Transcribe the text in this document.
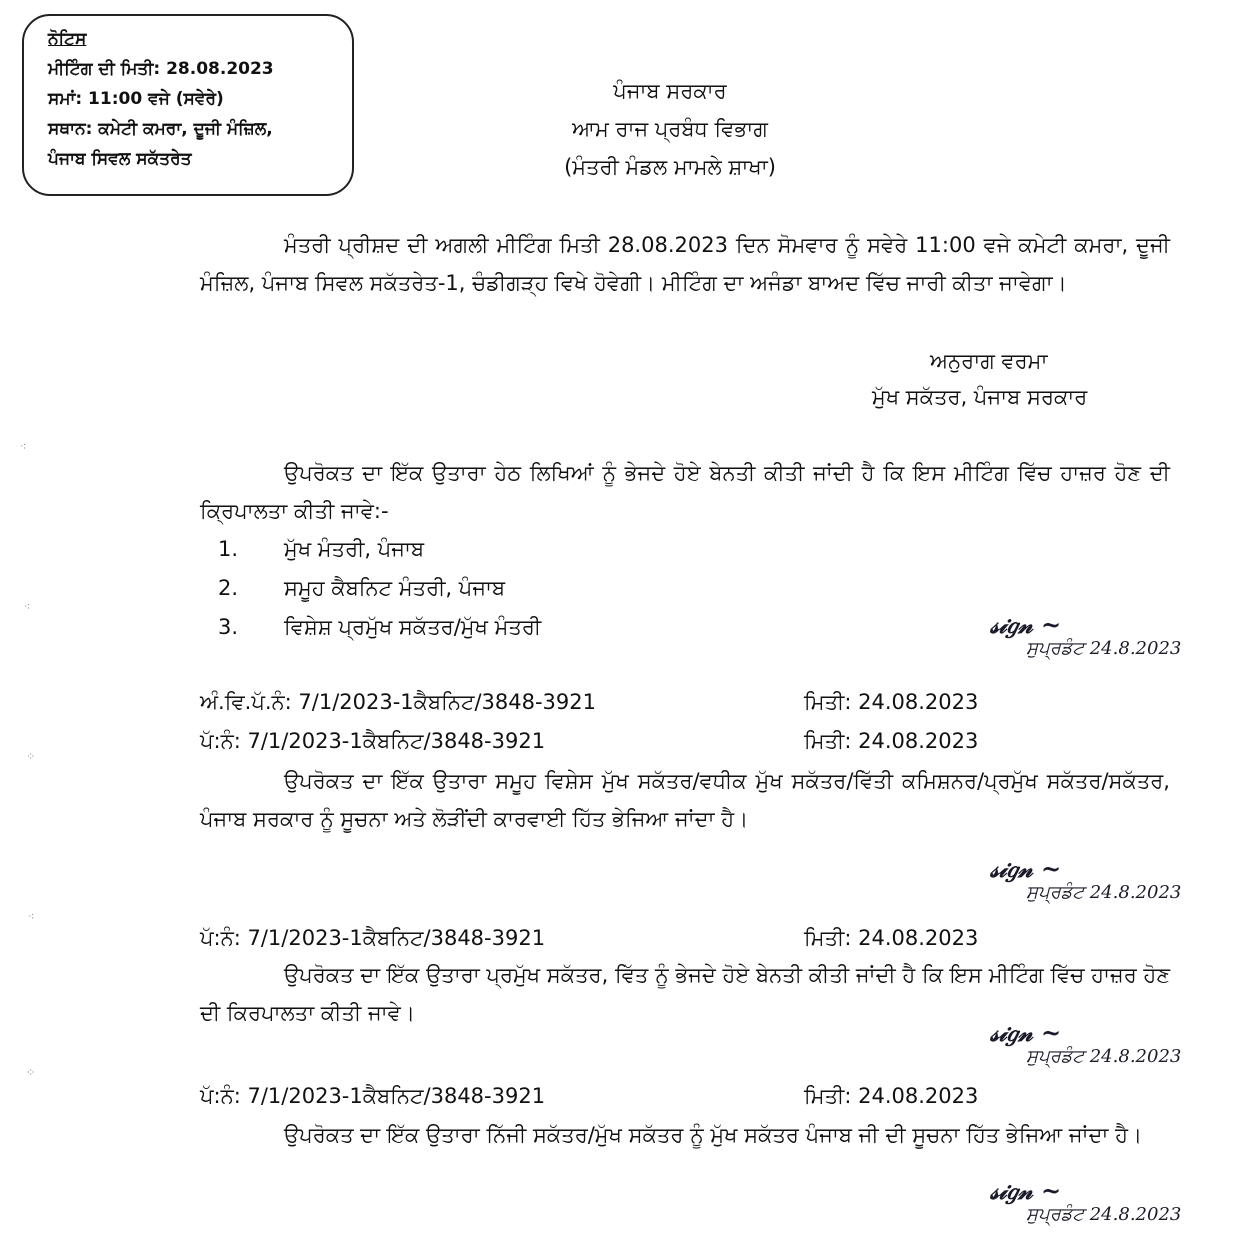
ਨੋਟਿਸ
ਮੀਟਿੰਗ ਦੀ ਮਿਤੀ: 28.08.2023
ਸਮਾਂ: 11:00 ਵਜੇ (ਸਵੇਰੇ)
ਸਥਾਨ: ਕਮੇਟੀ ਕਮਰਾ, ਦੂਜੀ ਮੰਜ਼ਿਲ,
ਪੰਜਾਬ ਸਿਵਲ ਸਕੱਤਰੇਤ
ਪੰਜਾਬ ਸਰਕਾਰ
ਆਮ ਰਾਜ ਪ੍ਰਬੰਧ ਵਿਭਾਗ
(ਮੰਤਰੀ ਮੰਡਲ ਮਾਮਲੇ ਸ਼ਾਖਾ)
ਮੰਤਰੀ ਪ੍ਰੀਸ਼ਦ ਦੀ ਅਗਲੀ ਮੀਟਿੰਗ ਮਿਤੀ 28.08.2023 ਦਿਨ ਸੋਮਵਾਰ ਨੂੰ ਸਵੇਰੇ 11:00 ਵਜੇ ਕਮੇਟੀ ਕਮਰਾ, ਦੂਜੀ ਮੰਜ਼ਿਲ, ਪੰਜਾਬ ਸਿਵਲ ਸਕੱਤਰੇਤ-1, ਚੰਡੀਗੜ੍ਹ ਵਿਖੇ ਹੋਵੇਗੀ। ਮੀਟਿੰਗ ਦਾ ਅਜੰਡਾ ਬਾਅਦ ਵਿੱਚ ਜਾਰੀ ਕੀਤਾ ਜਾਵੇਗਾ।
ਅਨੁਰਾਗ ਵਰਮਾ
ਮੁੱਖ ਸਕੱਤਰ, ਪੰਜਾਬ ਸਰਕਾਰ
ਉਪਰੋਕਤ ਦਾ ਇੱਕ ਉਤਾਰਾ ਹੇਠ ਲਿਖਿਆਂ ਨੂੰ ਭੇਜਦੇ ਹੋਏ ਬੇਨਤੀ ਕੀਤੀ ਜਾਂਦੀ ਹੈ ਕਿ ਇਸ ਮੀਟਿੰਗ ਵਿੱਚ ਹਾਜ਼ਰ ਹੋਣ ਦੀ ਕ੍ਰਿਪਾਲਤਾ ਕੀਤੀ ਜਾਵੇ:-
1. ਮੁੱਖ ਮੰਤਰੀ, ਪੰਜਾਬ
2. ਸਮੂਹ ਕੈਬਨਿਟ ਮੰਤਰੀ, ਪੰਜਾਬ
3. ਵਿਸ਼ੇਸ਼ ਪ੍ਰਮੁੱਖ ਸਕੱਤਰ/ਮੁੱਖ ਮੰਤਰੀ	𝓈𝒾𝑔𝓃 ~
ਸੁਪ੍ਰਡੰਟ 24.8.2023
ਅੰ.ਵਿ.ਪੱ.ਨੰ: 7/1/2023-1ਕੈਬਨਿਟ/3848-3921	ਮਿਤੀ: 24.08.2023
ਪੱ:ਨੰ: 7/1/2023-1ਕੈਬਨਿਟ/3848-3921	ਮਿਤੀ: 24.08.2023
ਉਪਰੋਕਤ ਦਾ ਇੱਕ ਉਤਾਰਾ ਸਮੂਹ ਵਿਸ਼ੇਸ ਮੁੱਖ ਸਕੱਤਰ/ਵਧੀਕ ਮੁੱਖ ਸਕੱਤਰ/ਵਿੱਤੀ ਕਮਿਸ਼ਨਰ/ਪ੍ਰਮੁੱਖ ਸਕੱਤਰ/ਸਕੱਤਰ, ਪੰਜਾਬ ਸਰਕਾਰ ਨੂੰ ਸੂਚਨਾ ਅਤੇ ਲੋੜੀਂਦੀ ਕਾਰਵਾਈ ਹਿੱਤ ਭੇਜਿਆ ਜਾਂਦਾ ਹੈ।
𝓈𝒾𝑔𝓃 ~
ਸੁਪ੍ਰਡੰਟ 24.8.2023
ਪੱ:ਨੰ: 7/1/2023-1ਕੈਬਨਿਟ/3848-3921	ਮਿਤੀ: 24.08.2023
ਉਪਰੋਕਤ ਦਾ ਇੱਕ ਉਤਾਰਾ ਪ੍ਰਮੁੱਖ ਸਕੱਤਰ, ਵਿੱਤ ਨੂੰ ਭੇਜਦੇ ਹੋਏ ਬੇਨਤੀ ਕੀਤੀ ਜਾਂਦੀ ਹੈ ਕਿ ਇਸ ਮੀਟਿੰਗ ਵਿੱਚ ਹਾਜ਼ਰ ਹੋਣ ਦੀ ਕਿਰਪਾਲਤਾ ਕੀਤੀ ਜਾਵੇ।
𝓈𝒾𝑔𝓃 ~
ਸੁਪ੍ਰਡੰਟ 24.8.2023
ਪੱ:ਨੰ: 7/1/2023-1ਕੈਬਨਿਟ/3848-3921	ਮਿਤੀ: 24.08.2023
ਉਪਰੋਕਤ ਦਾ ਇੱਕ ਉਤਾਰਾ ਨਿੱਜੀ ਸਕੱਤਰ/ਮੁੱਖ ਸਕੱਤਰ ਨੂੰ ਮੁੱਖ ਸਕੱਤਰ ਪੰਜਾਬ ਜੀ ਦੀ ਸੂਚਨਾ ਹਿੱਤ ਭੇਜਿਆ ਜਾਂਦਾ ਹੈ।
𝓈𝒾𝑔𝓃 ~
ਸੁਪ੍ਰਡੰਟ 24.8.2023
⁖
⁖
⁘
⁖
⁘
